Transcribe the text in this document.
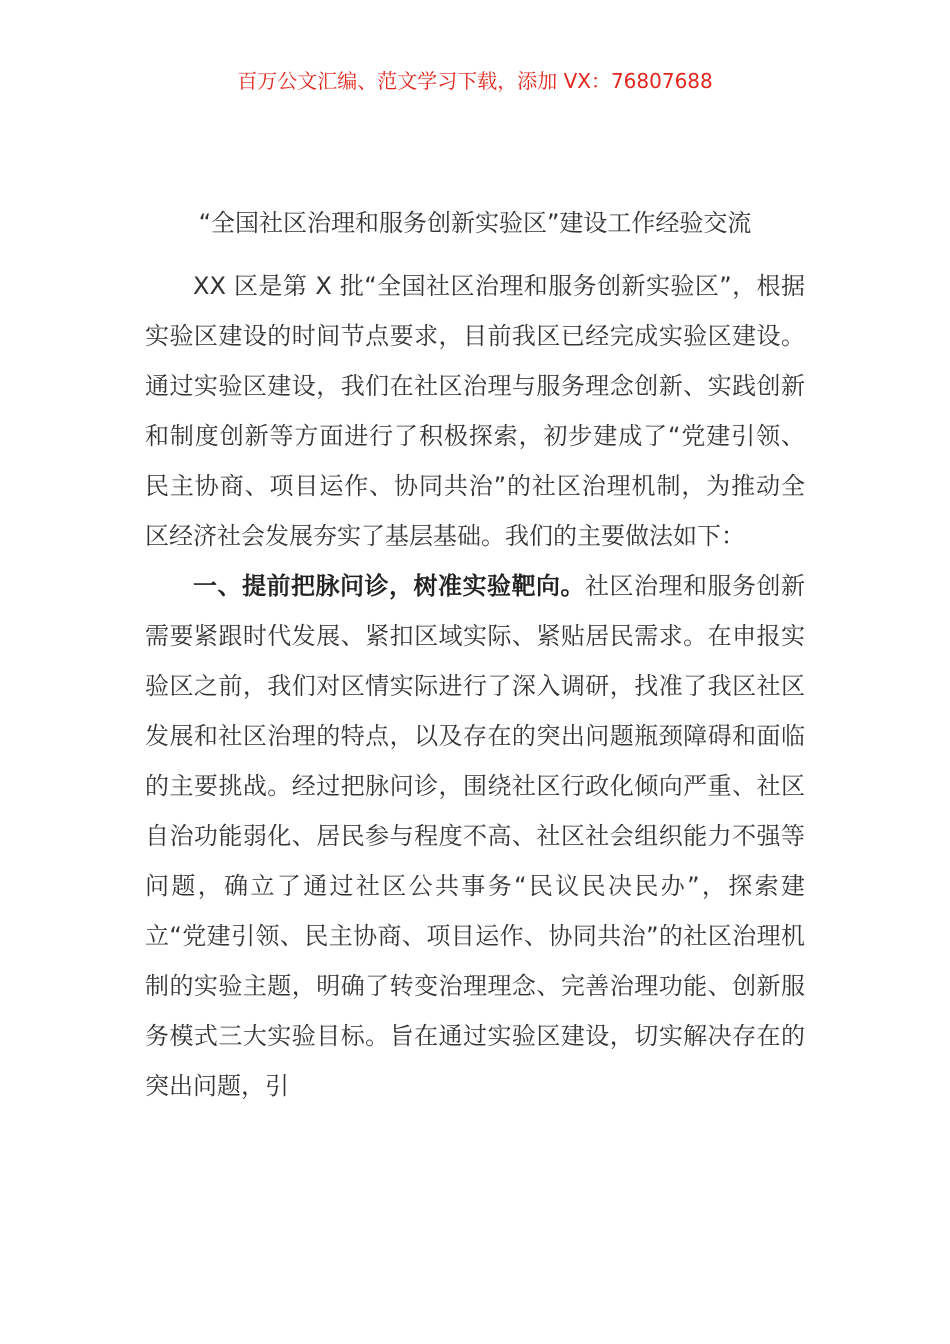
百万公文汇编、范文学习下载，添加 VX：76807688
“全国社区治理和服务创新实验区”建设工作经验交流

XX 区是第 X 批“全国社区治理和服务创新实验区”，根据实验区建设的时间节点要求，目前我区已经完成实验区建设。通过实验区建设，我们在社区治理与服务理念创新、实践创新和制度创新等方面进行了积极探索，初步建成了“党建引领、民主协商、项目运作、协同共治”的社区治理机制，为推动全区经济社会发展夯实了基层基础。我们的主要做法如下：

一、提前把脉问诊，树准实验靶向。社区治理和服务创新需要紧跟时代发展、紧扣区域实际、紧贴居民需求。在申报实验区之前，我们对区情实际进行了深入调研，找准了我区社区发展和社区治理的特点，以及存在的突出问题瓶颈障碍和面临的主要挑战。经过把脉问诊，围绕社区行政化倾向严重、社区自治功能弱化、居民参与程度不高、社区社会组织能力不强等问题，确立了通过社区公共事务“民议民决民办”，探索建立“党建引领、民主协商、项目运作、协同共治”的社区治理机制的实验主题，明确了转变治理理念、完善治理功能、创新服务模式三大实验目标。旨在通过实验区建设，切实解决存在的突出问题，引
